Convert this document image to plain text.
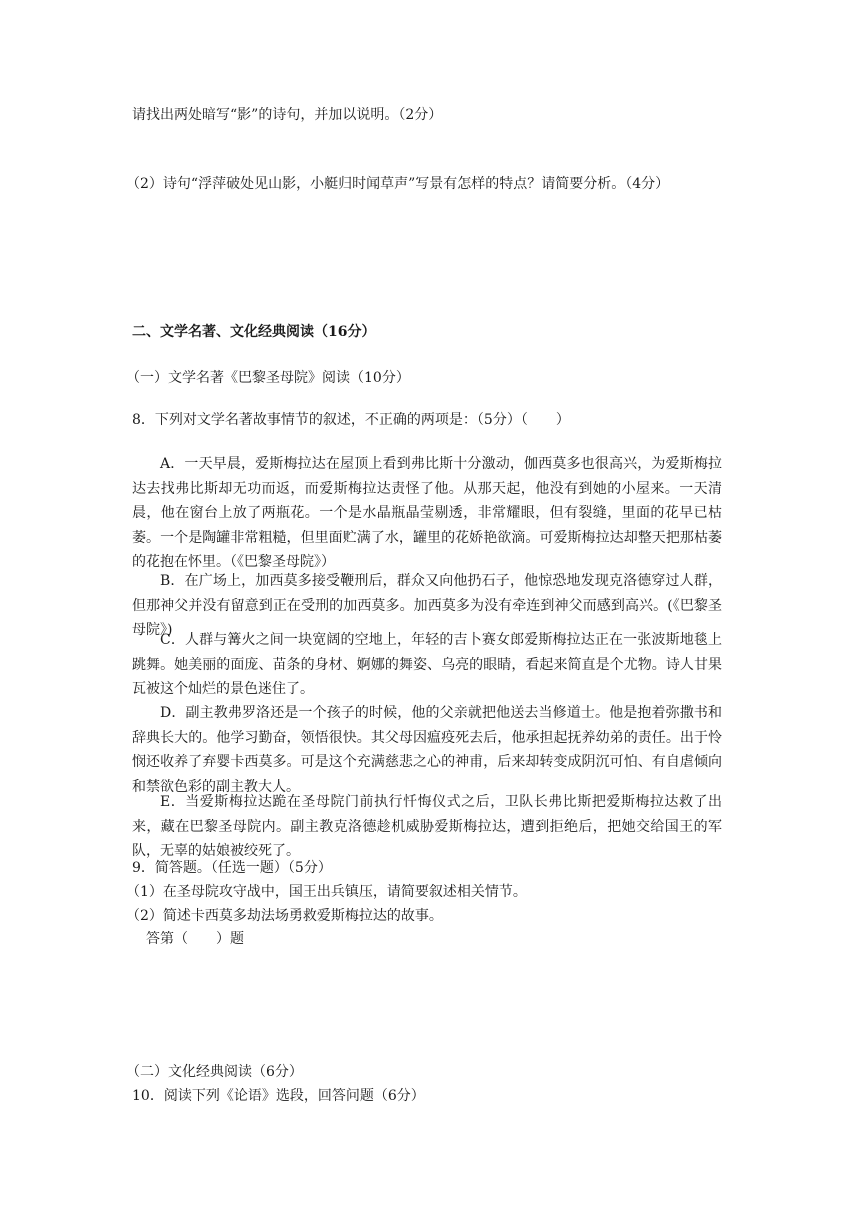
请找出两处暗写“影”的诗句，并加以说明。（2分）
（2）诗句“浮萍破处见山影，小艇归时闻草声”写景有怎样的特点？请简要分析。（4分）
二、文学名著、文化经典阅读（16分）
（一）文学名著《巴黎圣母院》阅读（10分）
8．下列对文学名著故事情节的叙述，不正确的两项是：（5分）（　　）

A．一天早晨，爱斯梅拉达在屋顶上看到弗比斯十分激动，伽西莫多也很高兴，为爱斯梅拉达去找弗比斯却无功而返，而爱斯梅拉达责怪了他。从那天起，他没有到她的小屋来。一天清晨，他在窗台上放了两瓶花。一个是水晶瓶晶莹剔透，非常耀眼，但有裂缝，里面的花早已枯萎。一个是陶罐非常粗糙，但里面贮满了水，罐里的花娇艳欲滴。可爱斯梅拉达却整天把那枯萎的花抱在怀里。（《巴黎圣母院》）

B．在广场上，加西莫多接受鞭刑后，群众又向他扔石子，他惊恐地发现克洛德穿过人群，但那神父并没有留意到正在受刑的加西莫多。加西莫多为没有牵连到神父而感到高兴。(《巴黎圣母院》)

C．人群与篝火之间一块宽阔的空地上，年轻的吉卜赛女郎爱斯梅拉达正在一张波斯地毯上跳舞。她美丽的面庞、苗条的身材、婀娜的舞姿、乌亮的眼睛，看起来简直是个尤物。诗人甘果瓦被这个灿烂的景色迷住了。

D．副主教弗罗洛还是一个孩子的时候，他的父亲就把他送去当修道士。他是抱着弥撒书和辞典长大的。他学习勤奋，领悟很快。其父母因瘟疫死去后，他承担起抚养幼弟的责任。出于怜悯还收养了弃婴卡西莫多。可是这个充满慈悲之心的神甫，后来却转变成阴沉可怕、有自虐倾向和禁欲色彩的副主教大人。

E．当爱斯梅拉达跪在圣母院门前执行忏悔仪式之后，卫队长弗比斯把爱斯梅拉达救了出来，藏在巴黎圣母院内。副主教克洛德趁机威胁爱斯梅拉达，遭到拒绝后，把她交给国王的军队，无辜的姑娘被绞死了。

9．简答题。（任选一题）（5分）
（1）在圣母院攻守战中，国王出兵镇压，请简要叙述相关情节。
（2）简述卡西莫多劫法场勇救爱斯梅拉达的故事。
答第（　　）题
（二）文化经典阅读（6分）
10．阅读下列《论语》选段，回答问题（6分）
